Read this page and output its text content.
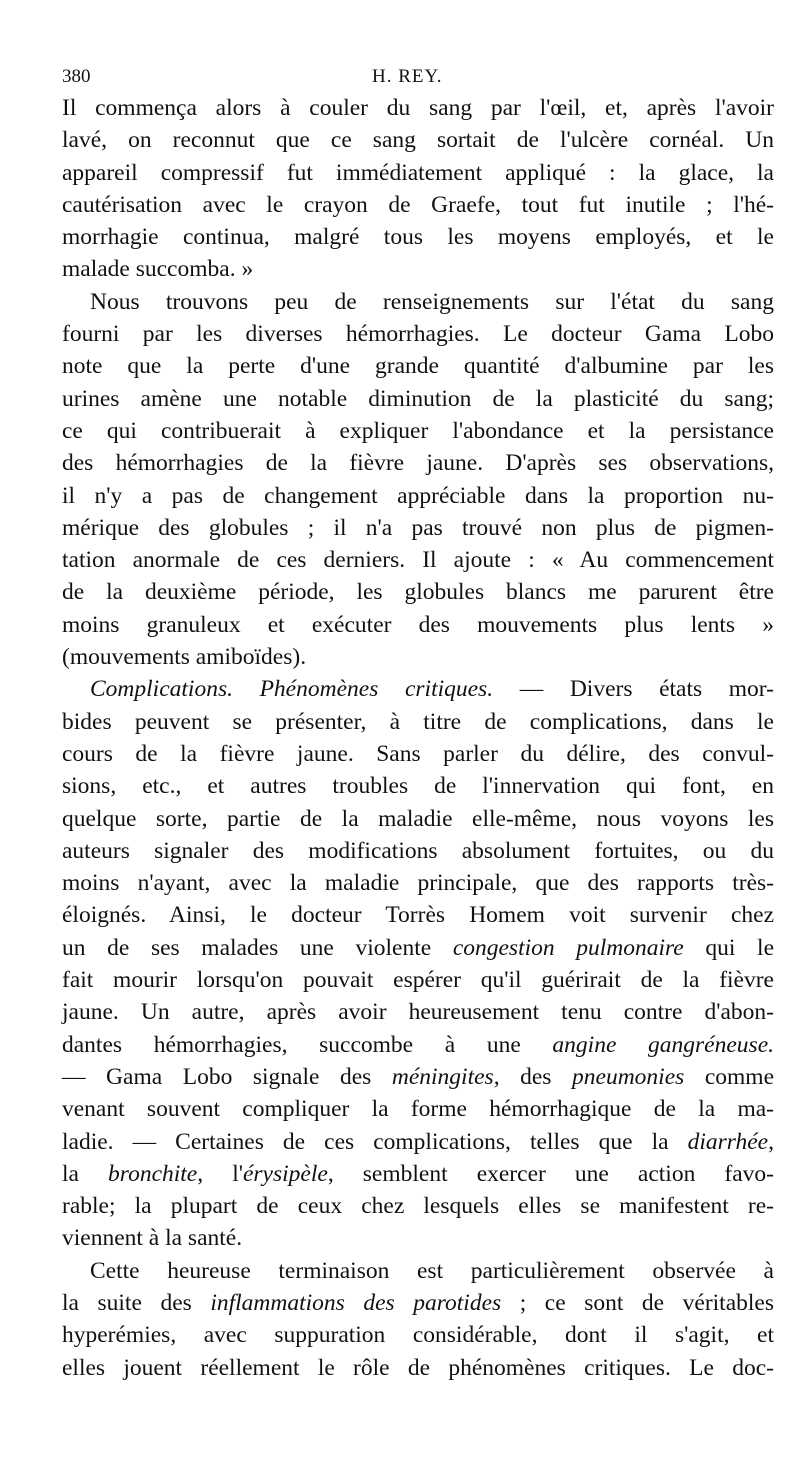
380	H. REY.
Il commença alors à couler du sang par l'œil, et, après l'avoir
lavé, on reconnut que ce sang sortait de l'ulcère cornéal. Un
appareil compressif fut immédiatement appliqué : la glace, la
cautérisation avec le crayon de Graefe, tout fut inutile ; l'hé-
morrhagie continua, malgré tous les moyens employés, et le
malade succomba. »
Nous trouvons peu de renseignements sur l'état du sang
fourni par les diverses hémorrhagies. Le docteur Gama Lobo
note que la perte d'une grande quantité d'albumine par les
urines amène une notable diminution de la plasticité du sang;
ce qui contribuerait à expliquer l'abondance et la persistance
des hémorrhagies de la fièvre jaune. D'après ses observations,
il n'y a pas de changement appréciable dans la proportion nu-
mérique des globules ; il n'a pas trouvé non plus de pigmen-
tation anormale de ces derniers. Il ajoute : « Au commencement
de la deuxième période, les globules blancs me parurent être
moins granuleux et exécuter des mouvements plus lents »
(mouvements amiboïdes).
Complications. Phénomènes critiques. — Divers états mor-
bides peuvent se présenter, à titre de complications, dans le
cours de la fièvre jaune. Sans parler du délire, des convul-
sions, etc., et autres troubles de l'innervation qui font, en
quelque sorte, partie de la maladie elle-même, nous voyons les
auteurs signaler des modifications absolument fortuites, ou du
moins n'ayant, avec la maladie principale, que des rapports très-
éloignés. Ainsi, le docteur Torrès Homem voit survenir chez
un de ses malades une violente congestion pulmonaire qui le
fait mourir lorsqu'on pouvait espérer qu'il guérirait de la fièvre
jaune. Un autre, après avoir heureusement tenu contre d'abon-
dantes hémorrhagies, succombe à une angine gangréneuse.
— Gama Lobo signale des méningites, des pneumonies comme
venant souvent compliquer la forme hémorrhagique de la ma-
ladie. — Certaines de ces complications, telles que la diarrhée,
la bronchite, l'érysipèle, semblent exercer une action favo-
rable; la plupart de ceux chez lesquels elles se manifestent re-
viennent à la santé.
Cette heureuse terminaison est particulièrement observée à
la suite des inflammations des parotides ; ce sont de véritables
hyperémies, avec suppuration considérable, dont il s'agit, et
elles jouent réellement le rôle de phénomènes critiques. Le doc-
